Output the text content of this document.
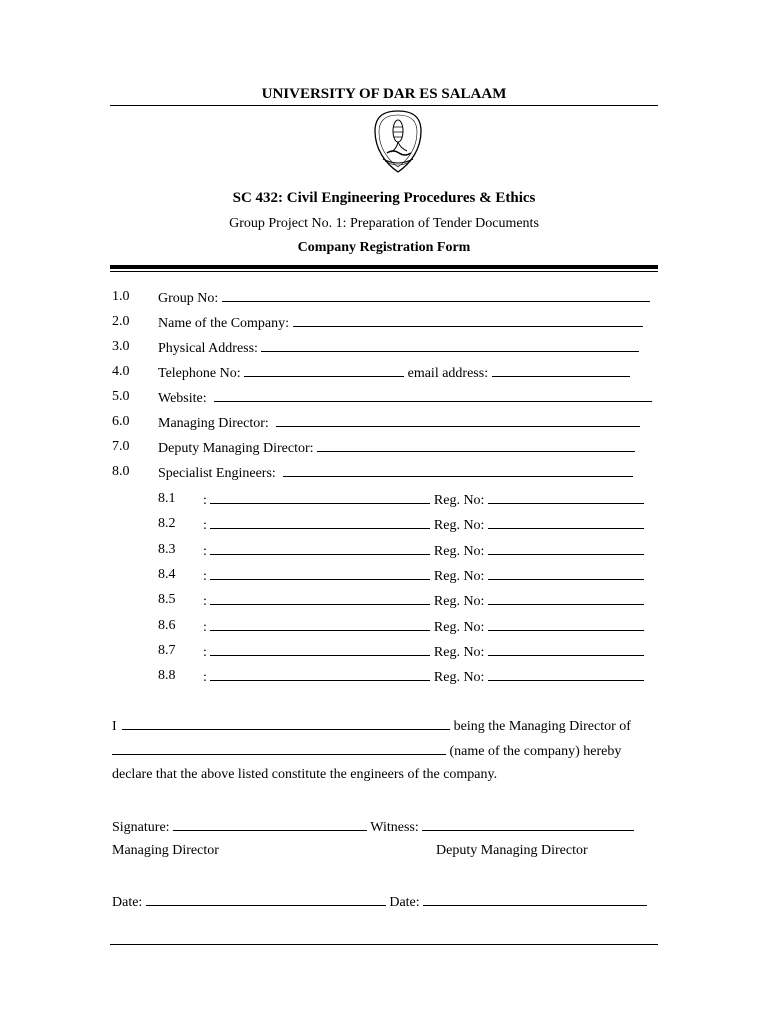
UNIVERSITY OF DAR ES SALAAM
SC 432: Civil Engineering Procedures & Ethics
Group Project No. 1: Preparation of Tender Documents
Company Registration Form
1.0 Group No:
2.0 Name of the Company:
3.0 Physical Address:
4.0 Telephone No:	email address:
5.0 Website:
6.0 Managing Director:
7.0 Deputy Managing Director:
8.0 Specialist Engineers:
8.1 :	Reg. No:
8.2 :	Reg. No:
8.3 :	Reg. No:
8.4 :	Reg. No:
8.5 :	Reg. No:
8.6 :	Reg. No:
8.7 :	Reg. No:
8.8 :	Reg. No:
I	being the Managing Director of
(name of the company) hereby
declare that the above listed constitute the engineers of the company.
Signature:	Witness:
Managing Director	Deputy Managing Director
Date:	Date:
